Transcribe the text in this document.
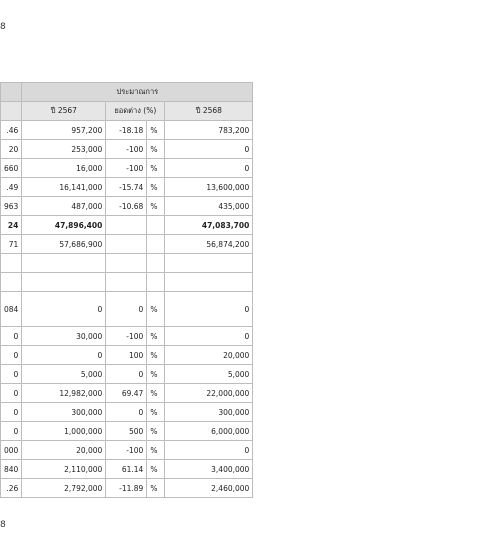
8
	ประมาณการ			
	ปี 2567	ยอดต่าง (%)		ปี 2568
.46	957,200	-18.18	%	783,200
20	253,000	-100	%	0
660	16,000	-100	%	0
.49	16,141,000	-15.74	%	13,600,000
963	487,000	-10.68	%	435,000
24	47,896,400			47,083,700
71	57,686,900			56,874,200

084	0	0	%	0
0	30,000	-100	%	0
0	0	100	%	20,000
0	5,000	0	%	5,000
0	12,982,000	69.47	%	22,000,000
0	300,000	0	%	300,000
0	1,000,000	500	%	6,000,000
000	20,000	-100	%	0
840	2,110,000	61.14	%	3,400,000
.26	2,792,000	-11.89	%	2,460,000
8
